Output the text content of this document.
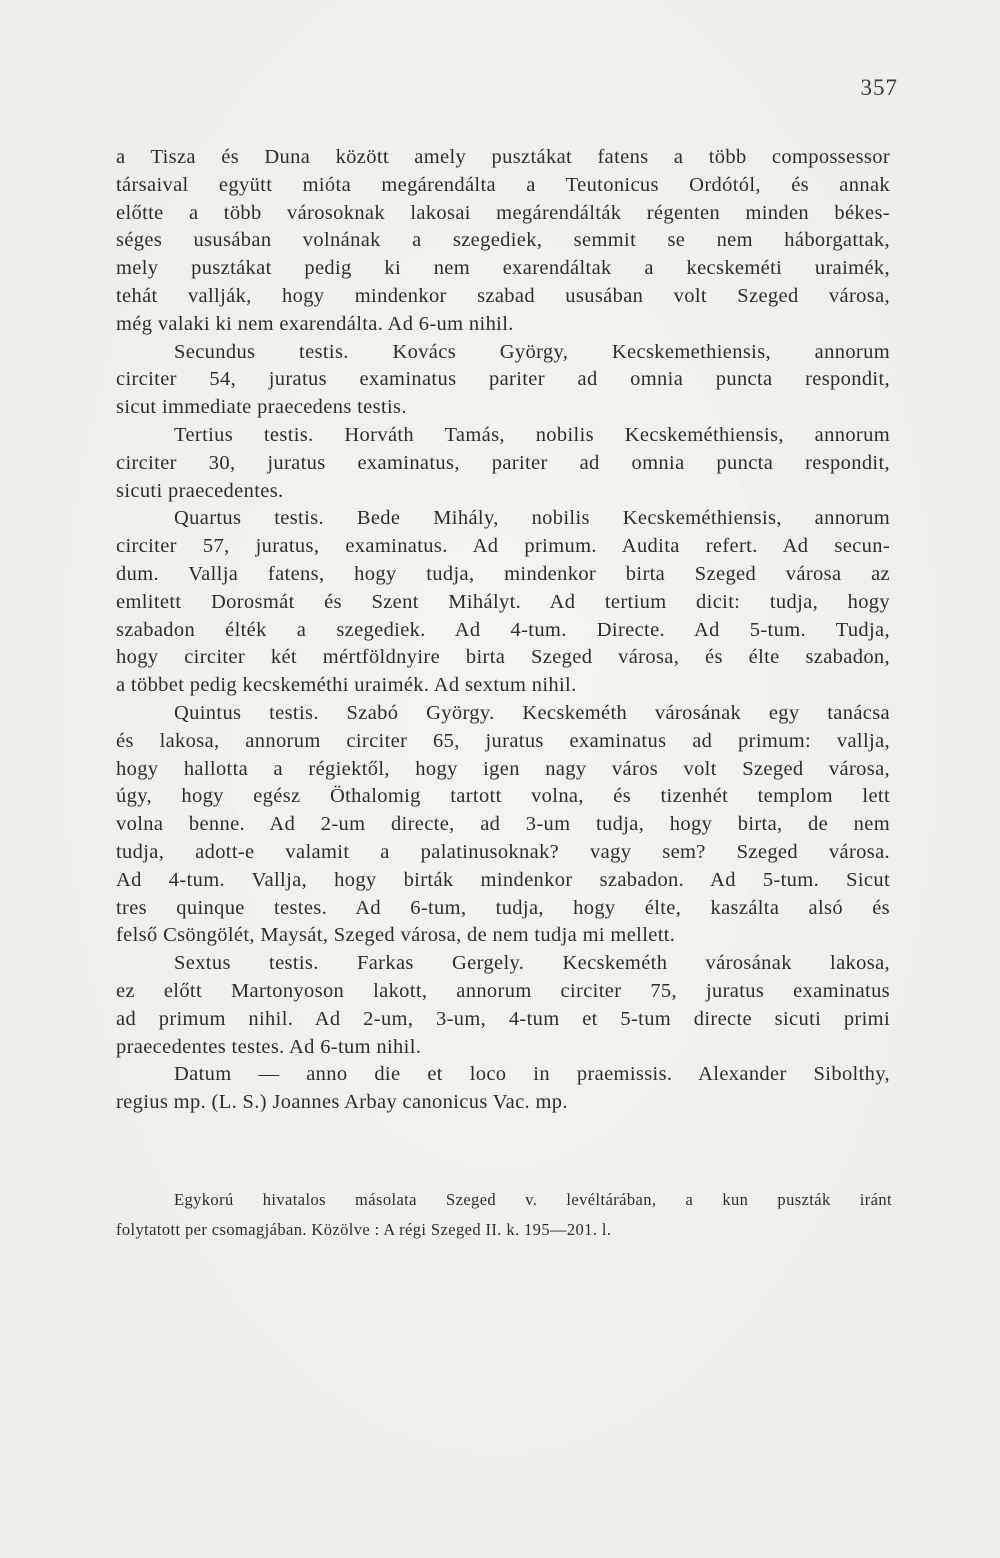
357
a Tisza és Duna között amely pusztákat fatens a több compossessor
társaival együtt mióta megárendálta a Teutonicus Ordótól, és annak
előtte a több városoknak lakosai megárendálták régenten minden békes-
séges ususában volnának a szegediek, semmit se nem háborgattak,
mely pusztákat pedig ki nem exarendáltak a kecskeméti uraimék,
tehát vallják, hogy mindenkor szabad ususában volt Szeged városa,
még valaki ki nem exarendálta. Ad 6-um nihil.
Secundus testis. Kovács György, Kecskemethiensis, annorum
circiter 54, juratus examinatus pariter ad omnia puncta respondit,
sicut immediate praecedens testis.
Tertius testis. Horváth Tamás, nobilis Kecskeméthiensis, annorum
circiter 30, juratus examinatus, pariter ad omnia puncta respondit,
sicuti praecedentes.
Quartus testis. Bede Mihály, nobilis Kecskeméthiensis, annorum
circiter 57, juratus, examinatus. Ad primum. Audita refert. Ad secun-
dum. Vallja fatens, hogy tudja, mindenkor birta Szeged városa az
emlitett Dorosmát és Szent Mihályt. Ad tertium dicit: tudja, hogy
szabadon élték a szegediek. Ad 4-tum. Directe. Ad 5-tum. Tudja,
hogy circiter két mértföldnyire birta Szeged városa, és élte szabadon,
a többet pedig kecskeméthi uraimék. Ad sextum nihil.
Quintus testis. Szabó György. Kecskeméth városának egy tanácsa
és lakosa, annorum circiter 65, juratus examinatus ad primum: vallja,
hogy hallotta a régiektől, hogy igen nagy város volt Szeged városa,
úgy, hogy egész Öthalomig tartott volna, és tizenhét templom lett
volna benne. Ad 2-um directe, ad 3-um tudja, hogy birta, de nem
tudja, adott-e valamit a palatinusoknak? vagy sem? Szeged városa.
Ad 4-tum. Vallja, hogy birták mindenkor szabadon. Ad 5-tum. Sicut
tres quinque testes. Ad 6-tum, tudja, hogy élte, kaszálta alsó és
felső Csöngölét, Maysát, Szeged városa, de nem tudja mi mellett.
Sextus testis. Farkas Gergely. Kecskeméth városának lakosa,
ez előtt Martonyoson lakott, annorum circiter 75, juratus examinatus
ad primum nihil. Ad 2-um, 3-um, 4-tum et 5-tum directe sicuti primi
praecedentes testes. Ad 6-tum nihil.
Datum — anno die et loco in praemissis. Alexander Sibolthy,
regius mp. (L. S.) Joannes Arbay canonicus Vac. mp.
Egykorú hivatalos másolata Szeged v. levéltárában, a kun puszták iránt
folytatott per csomagjában. Közölve : A régi Szeged II. k. 195—201. l.
